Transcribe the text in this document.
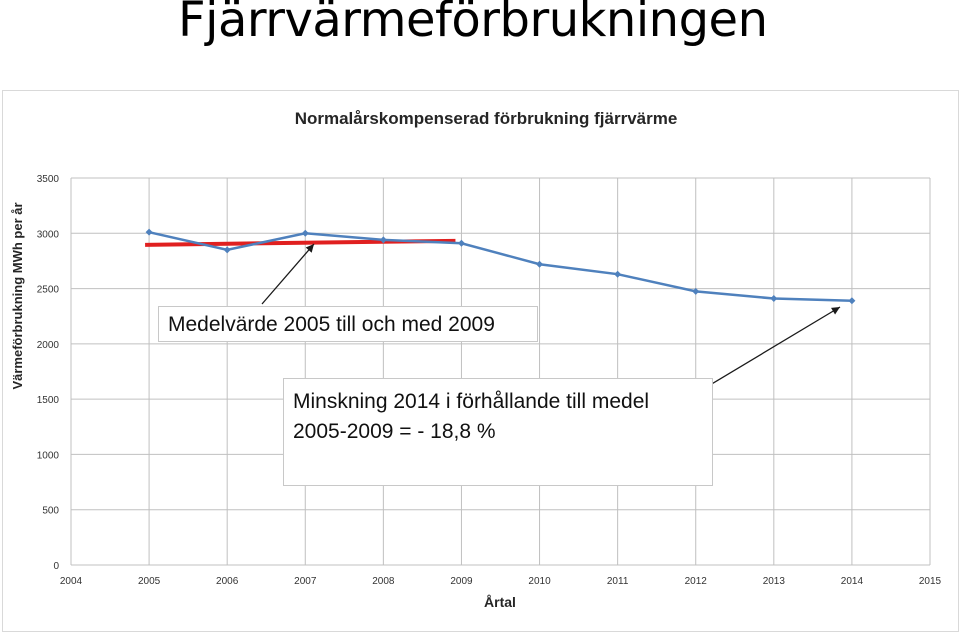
Fjärrvärmeförbrukningen
0
500
1000
1500
2000
2500
3000
3500
2004	2005	2006	2007	2008	2009	2010	2011	2012	2013	2014	2015
Normalårskompenserad förbrukning fjärrvärme
Årtal
Värmeförbrukning MWh per år	Medelvärde 2005 till och med 2009
Minskning 2014 i förhållande till medel
2005-2009 = - 18,8 %
